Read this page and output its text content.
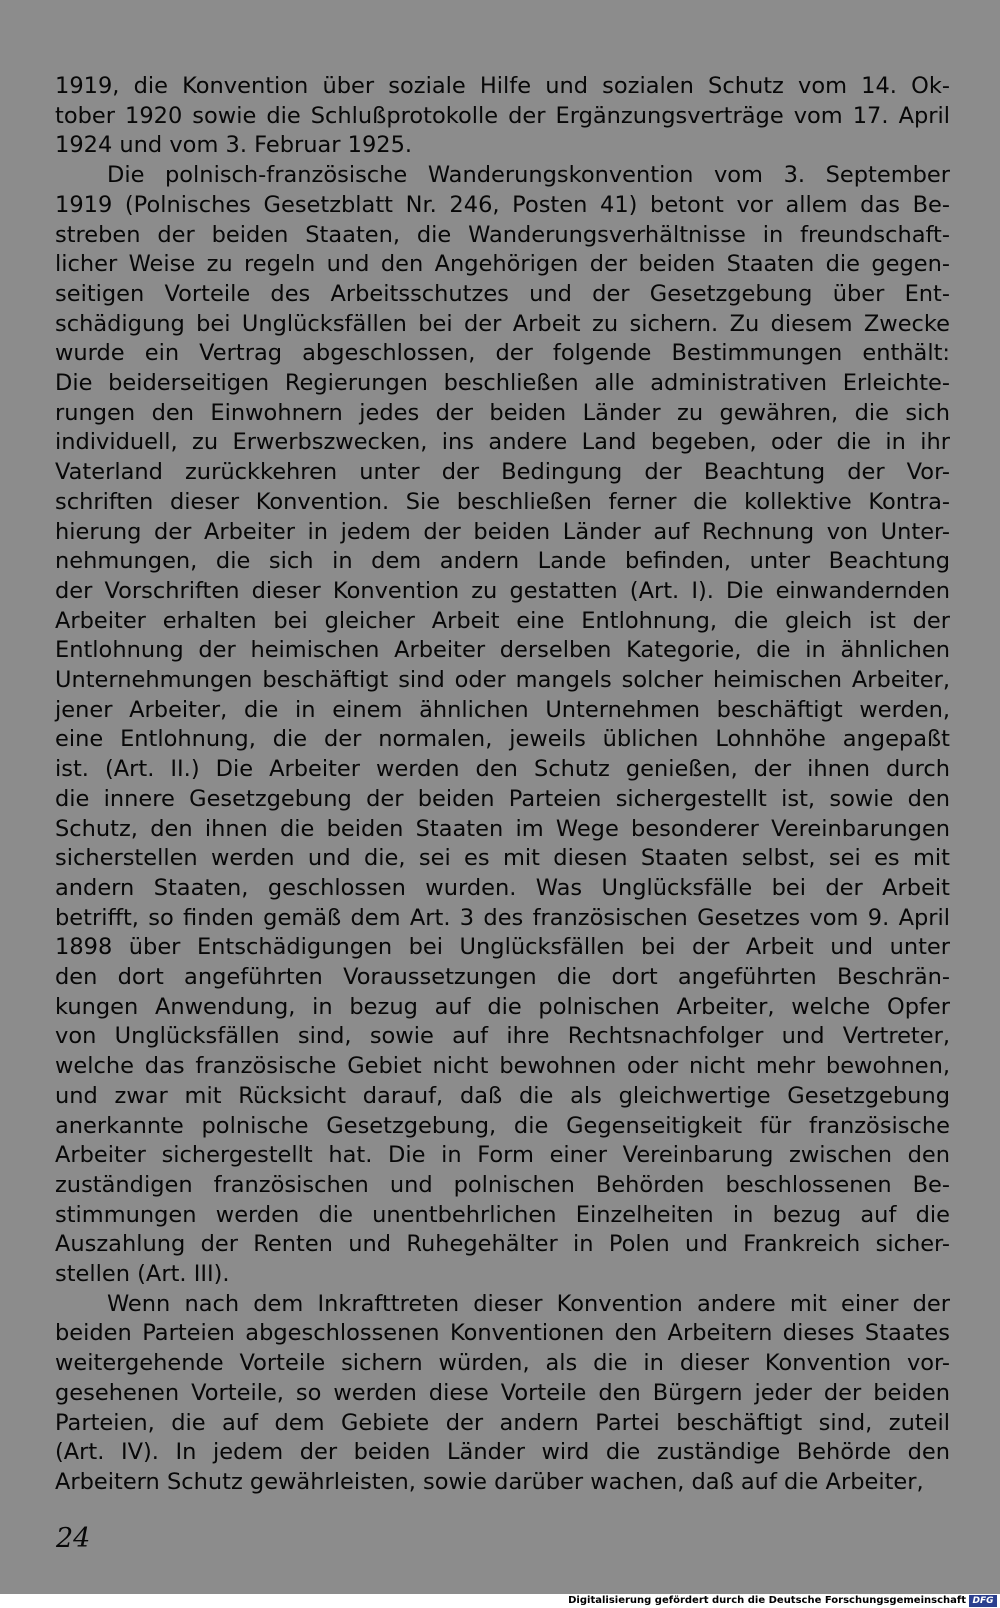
1919, die Konvention über soziale Hilfe und sozialen Schutz vom 14. Ok-
tober 1920 sowie die Schlußprotokolle der Ergänzungsverträge vom 17. April
1924 und vom 3. Februar 1925.
Die polnisch-französische Wanderungskonvention vom 3. September
1919 (Polnisches Gesetzblatt Nr. 246, Posten 41) betont vor allem das Be-
streben der beiden Staaten, die Wanderungsverhältnisse in freundschaft-
licher Weise zu regeln und den Angehörigen der beiden Staaten die gegen-
seitigen Vorteile des Arbeitsschutzes und der Gesetzgebung über Ent-
schädigung bei Unglücksfällen bei der Arbeit zu sichern. Zu diesem Zwecke
wurde ein Vertrag abgeschlossen, der folgende Bestimmungen enthält:
Die beiderseitigen Regierungen beschließen alle administrativen Erleichte-
rungen den Einwohnern jedes der beiden Länder zu gewähren, die sich
individuell, zu Erwerbszwecken, ins andere Land begeben, oder die in ihr
Vaterland zurückkehren unter der Bedingung der Beachtung der Vor-
schriften dieser Konvention. Sie beschließen ferner die kollektive Kontra-
hierung der Arbeiter in jedem der beiden Länder auf Rechnung von Unter-
nehmungen, die sich in dem andern Lande befinden, unter Beachtung
der Vorschriften dieser Konvention zu gestatten (Art. I). Die einwandernden
Arbeiter erhalten bei gleicher Arbeit eine Entlohnung, die gleich ist der
Entlohnung der heimischen Arbeiter derselben Kategorie, die in ähnlichen
Unternehmungen beschäftigt sind oder mangels solcher heimischen Arbeiter,
jener Arbeiter, die in einem ähnlichen Unternehmen beschäftigt werden,
eine Entlohnung, die der normalen, jeweils üblichen Lohnhöhe angepaßt
ist. (Art. II.) Die Arbeiter werden den Schutz genießen, der ihnen durch
die innere Gesetzgebung der beiden Parteien sichergestellt ist, sowie den
Schutz, den ihnen die beiden Staaten im Wege besonderer Vereinbarungen
sicherstellen werden und die, sei es mit diesen Staaten selbst, sei es mit
andern Staaten, geschlossen wurden. Was Unglücksfälle bei der Arbeit
betrifft, so finden gemäß dem Art. 3 des französischen Gesetzes vom 9. April
1898 über Entschädigungen bei Unglücksfällen bei der Arbeit und unter
den dort angeführten Voraussetzungen die dort angeführten Beschrän-
kungen Anwendung, in bezug auf die polnischen Arbeiter, welche Opfer
von Unglücksfällen sind, sowie auf ihre Rechtsnachfolger und Vertreter,
welche das französische Gebiet nicht bewohnen oder nicht mehr bewohnen,
und zwar mit Rücksicht darauf, daß die als gleichwertige Gesetzgebung
anerkannte polnische Gesetzgebung, die Gegenseitigkeit für französische
Arbeiter sichergestellt hat. Die in Form einer Vereinbarung zwischen den
zuständigen französischen und polnischen Behörden beschlossenen Be-
stimmungen werden die unentbehrlichen Einzelheiten in bezug auf die
Auszahlung der Renten und Ruhegehälter in Polen und Frankreich sicher-
stellen (Art. III).
Wenn nach dem Inkrafttreten dieser Konvention andere mit einer der
beiden Parteien abgeschlossenen Konventionen den Arbeitern dieses Staates
weitergehende Vorteile sichern würden, als die in dieser Konvention vor-
gesehenen Vorteile, so werden diese Vorteile den Bürgern jeder der beiden
Parteien, die auf dem Gebiete der andern Partei beschäftigt sind, zuteil
(Art. IV). In jedem der beiden Länder wird die zuständige Behörde den
Arbeitern Schutz gewährleisten, sowie darüber wachen, daß auf die Arbeiter,
24
Digitalisierung gefördert durch die Deutsche Forschungsgemeinschaft DFG
